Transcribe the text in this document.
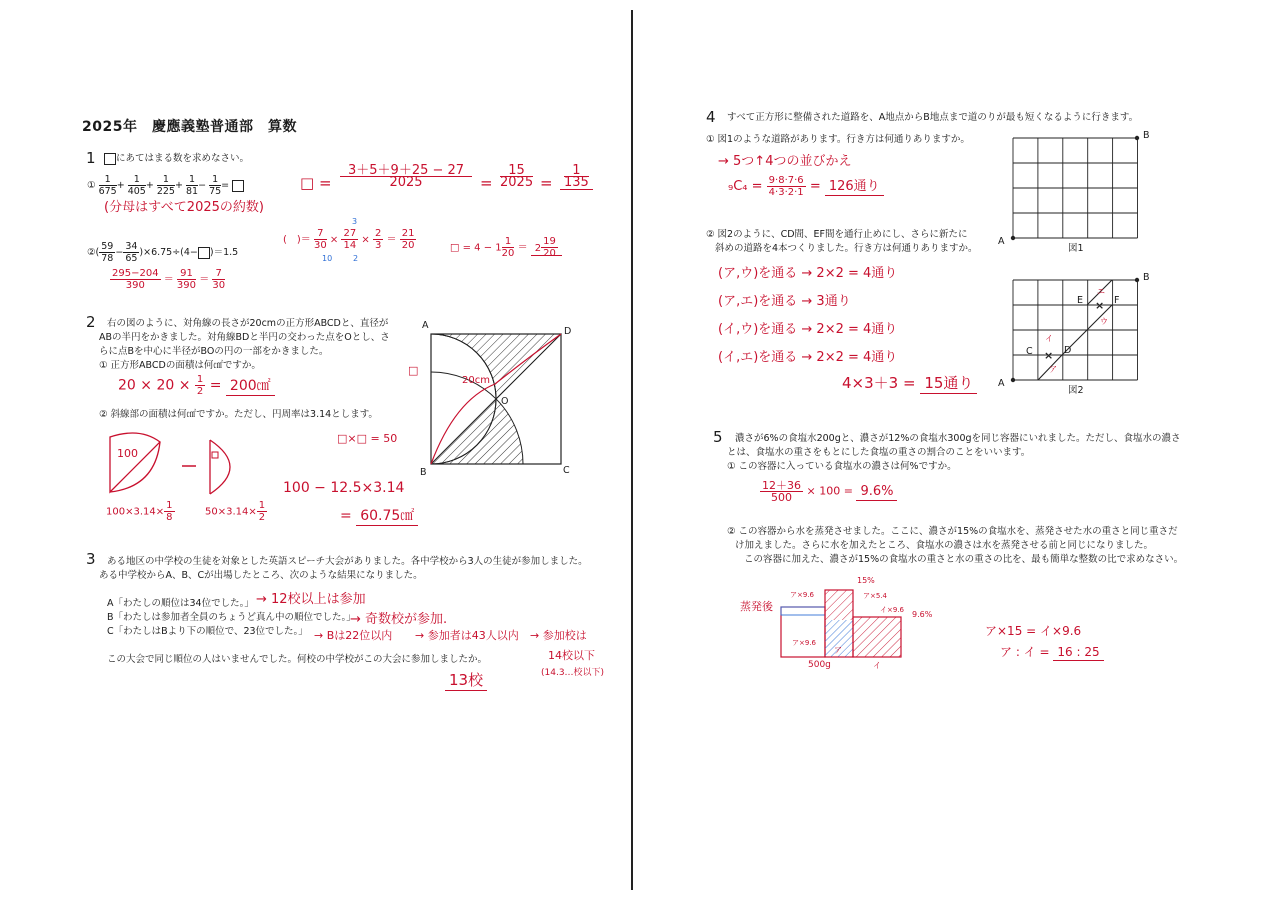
2025年　慶應義塾普通部　算数
1	にあてはまる数を求めなさい。
① $\frac{1}{675} + \frac{1}{405} + \frac{1}{225} + \frac{1}{81} - \frac{1}{75}$ =	□ = $\frac{3+5+9+25 - 27}{2025} = \frac{15}{2025} = \frac{1}{135}$
(分母はすべて2025の約数)
②( $\frac{59}{78} - \frac{34}{65} )\times 6.75\div(4- )=1.5$
$\frac{295-204}{390} = \frac{91}{390} = \frac{7}{30}$
(　)＝ $\frac{7}{30} \times \frac{27}{14} \times \frac{2}{3} = \frac{21}{20}$
3
10	2
□ = $4 - 1 \frac{1}{20} = 2 \frac{19}{20}$
2 右の図のように、対角線の長さが20cmの正方形ABCDと、直径が
ABの半円をかきました。対角線BDと半円の交わった点をOとし、さ
らに点Bを中心に半径がBOの円の一部をかきました。
① 正方形ABCDの面積は何㎠ですか。
$20 \times 20 \times \frac{1}{2}$ = 200㎠
② 斜線部の面積は何㎠ですか。ただし、円周率は3.14とします。
□×□ = 50
100
$100\times 3.14\times \frac{1}{8}$	$50\times 3.14\times \frac{1}{2}$
100 − 12.5×3.14
= 60.75㎠
A
D
B	C
O
20cm
□
3 ある地区の中学校の生徒を対象とした英語スピーチ大会がありました。各中学校から3人の生徒が参加しました。
ある中学校からA、B、Cが出場したところ、次のような結果になりました。
A「わたしの順位は34位でした。」
B「わたしは参加者全員のちょうど真ん中の順位でした。」
C「わたしはBより下の順位で、23位でした。」
→ 12校以上は参加
→ 奇数校が参加.
→ Bは22位以内 → 参加者は43人以内 → 参加校は
14校以下
(14.3…校以下)
この大会で同じ順位の人はいませんでした。何校の中学校がこの大会に参加しましたか。
13校
4 すべて正方形に整備された道路を、A地点からB地点まで道のりが最も短くなるように行きます。
① 図1のような道路があります。行き方は何通りありますか。
→ 5つ↑4つの並びかえ
$_9C_4 = \frac{9\cdot 8\cdot 7\cdot 6}{4\cdot 3\cdot 2\cdot 1} = 126$通り
A
B
図1
② 図2のように、CD間、EF間を通行止めにし、さらに新たに
斜めの道路を4本つくりました。行き方は何通りありますか。
(ア,ウ)を通る → 2×2 = 4通り
(ア,エ)を通る → 3通り
(イ,ウ)を通る → 2×2 = 4通り
(イ,エ)を通る → 2×2 = 4通り
4×3＋3 = 15通り
×
×
A
B
C	D
E	F
イ
ア
エ
ウ
図2
5 濃さが6%の食塩水200gと、濃さが12%の食塩水300gを同じ容器にいれました。ただし、食塩水の濃さ
とは、食塩水の重さをもとにした食塩の重さの割合のことをいいます。
① この容器に入っている食塩水の濃さは何%ですか。
$\frac{12+36}{500} \times 100 = 9.6\%$
② この容器から水を蒸発させました。ここに、濃さが15%の食塩水を、蒸発させた水の重さと同じ重さだ
け加えました。さらに水を加えたところ、食塩水の濃さは水を蒸発させる前と同じになりました。
この容器に加えた、濃さが15%の食塩水の重さと水の重さの比を、最も簡単な整数の比で求めなさい。
蒸発後
15%
9.6%
ア×9.6	ア×5.4
イ×9.6
ア×9.6
500g
ア
イ
ア×15 = イ×9.6
ア : イ = 16 : 25
